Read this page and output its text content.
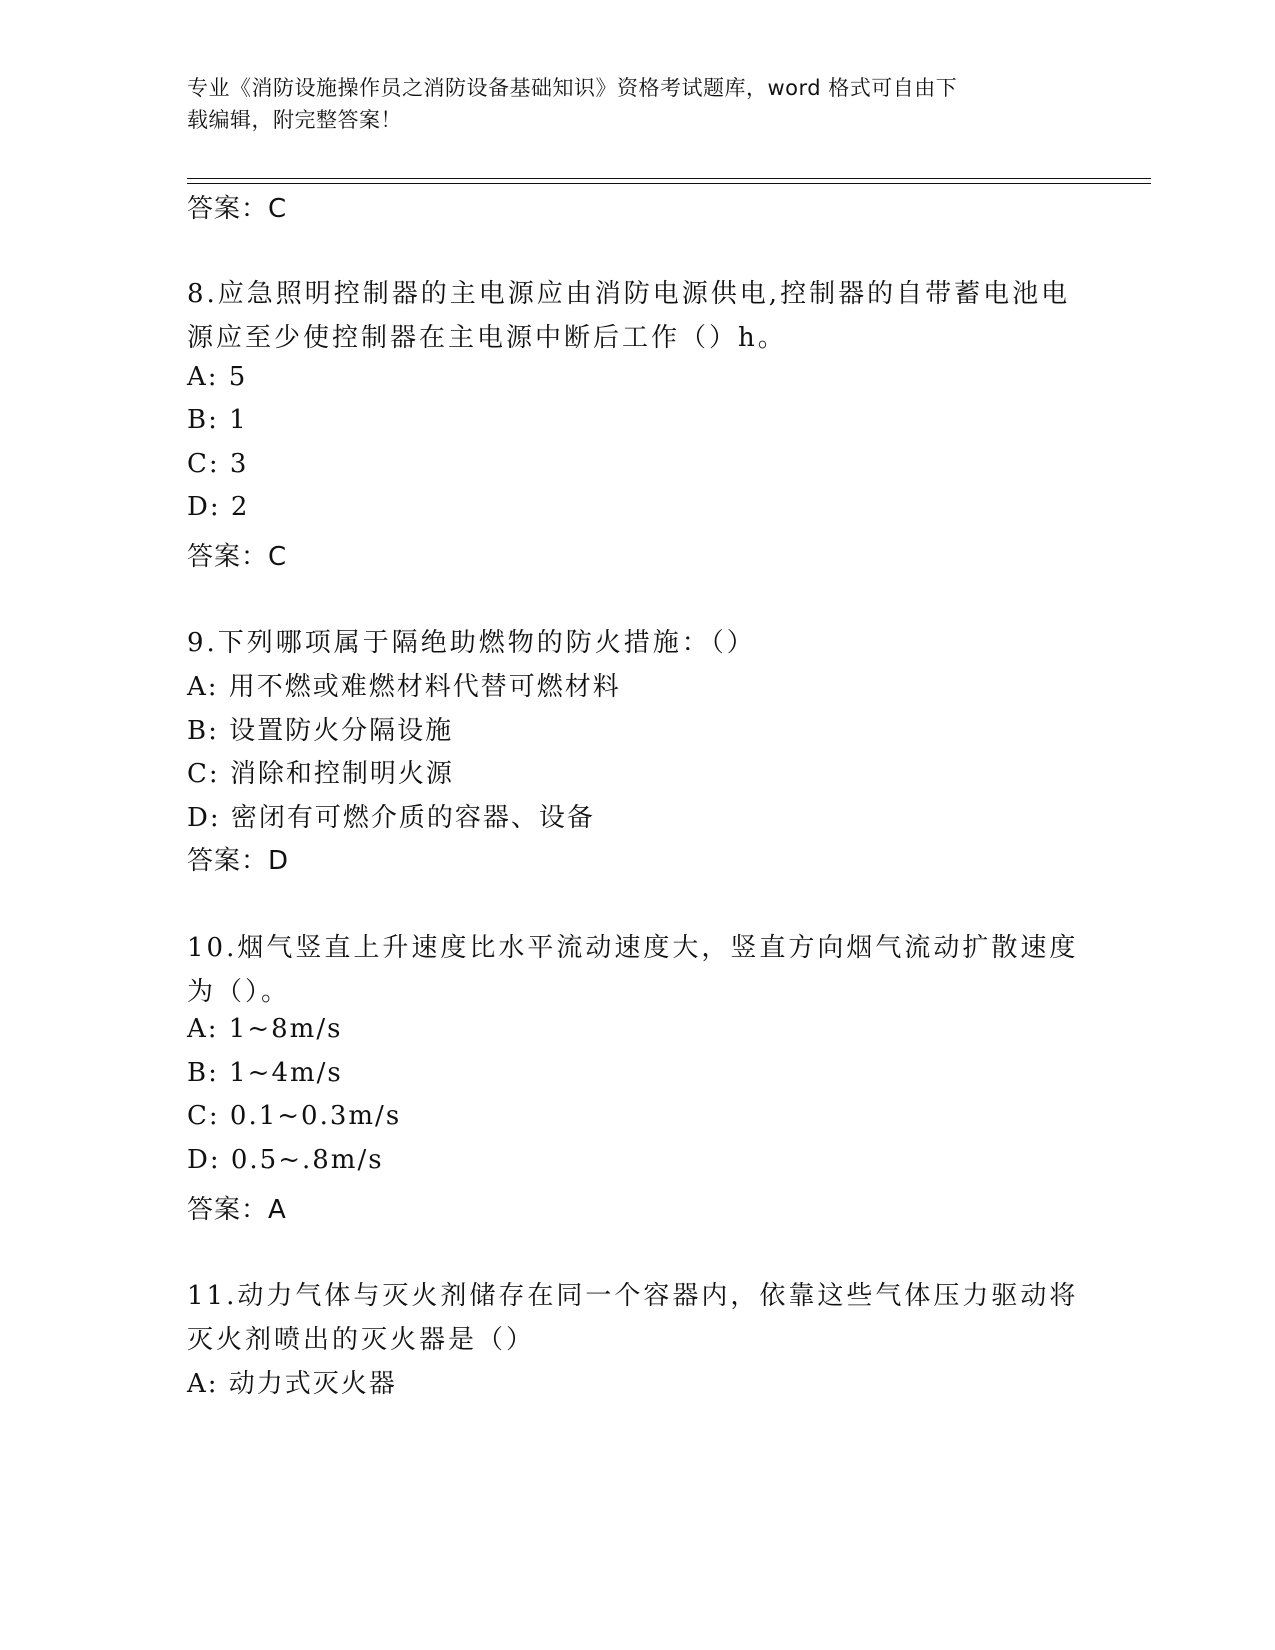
专业《消防设施操作员之消防设备基础知识》资格考试题库，word 格式可自由下
载编辑，附完整答案！
答案：C
8.应急照明控制器的主电源应由消防电源供电,控制器的自带蓄电池电
源应至少使控制器在主电源中断后工作（）h。
A: 5
B: 1
C: 3
D: 2
答案：C
9.下列哪项属于隔绝助燃物的防火措施：（）
A: 用不燃或难燃材料代替可燃材料
B: 设置防火分隔设施
C: 消除和控制明火源
D: 密闭有可燃介质的容器、设备
答案：D
10.烟气竖直上升速度比水平流动速度大，竖直方向烟气流动扩散速度
为（）。
A: 1~8m/s
B: 1~4m/s
C: 0.1~0.3m/s
D: 0.5~.8m/s
答案：A
11.动力气体与灭火剂储存在同一个容器内，依靠这些气体压力驱动将
灭火剂喷出的灭火器是（）
A: 动力式灭火器
